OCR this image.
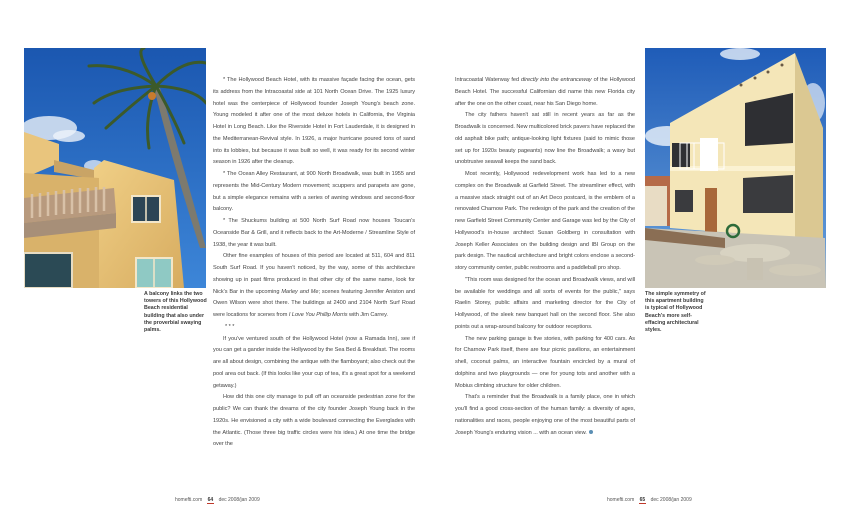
A balcony links the two towers of this Hollywood Beach residential building that also under the proverbial swaying palms.

* The Hollywood Beach Hotel, with its massive façade facing the ocean, gets its address from the Intracoastal side at 101 North Ocean Drive. The 1925 luxury hotel was the centerpiece of Hollywood founder Joseph Young's beach zone. Young modeled it after one of the most deluxe hotels in California, the Virginia Hotel in Long Beach. Like the Riverside Hotel in Fort Lauderdale, it is designed in the Mediterranean-Revival style. In 1926, a major hurricane poured tons of sand into its lobbies, but because it was built so well, it was ready for its second winter season in 1926 after the cleanup.

* The Ocean Alley Restaurant, at 900 North Broadwalk, was built in 1955 and represents the Mid-Century Modern movement; scuppers and parapets are gone, but a simple elegance remains with a series of awning windows and second-floor balcony.

* The Shuckums building at 500 North Surf Road now houses Toucan's Oceanside Bar & Grill, and it reflects back to the Art-Moderne / Streamline Style of 1938, the year it was built.

Other fine examples of houses of this period are located at 511, 604 and 811 South Surf Road. If you haven't noticed, by the way, some of this architecture showing up in past films produced in that other city of the same name, look for Nick's Bar in the upcoming Marley and Me; scenes featuring Jennifer Aniston and Owen Wilson were shot there. The buildings at 2400 and 2104 North Surf Road were locations for scenes from I Love You Phillip Morris with Jim Carrey.

* * *

If you've ventured south of the Hollywood Hotel (now a Ramada Inn), see if you can get a gander inside the Hollywood by the Sea Bed & Breakfast. The rooms are all about design, combining the antique with the flamboyant; also check out the pool area out back. (If this looks like your cup of tea, it's a great spot for a weekend getaway.)

How did this one city manage to pull off an oceanside pedestrian zone for the public? We can thank the dreams of the city founder Joseph Young back in the 1920s. He envisioned a city with a wide boulevard connecting the Everglades with the Atlantic. (Those three big traffic circles were his idea.) At one time the bridge over the

homefti.com 64 dec 2008/jan 2009

Intracoastal Waterway fed directly into the entranceway of the Hollywood Beach Hotel. The successful Californian did name this new Florida city after the one on the other coast, near his San Diego home.

The city fathers haven't sat still in recent years as far as the Broadwalk is concerned. New multicolored brick pavers have replaced the old asphalt bike path; antique-looking light fixtures (said to mimic those set up for 1920s beauty pageants) now line the Broadwalk; a wavy but unobtrusive seawall keeps the sand back.

Most recently, Hollywood redevelopment work has led to a new complex on the Broadwalk at Garfield Street. The streamliner effect, with a massive stack straight out of an Art Deco postcard, is the emblem of a renovated Charnow Park. The redesign of the park and the creation of the new Garfield Street Community Center and Garage was led by the City of Hollywood's in-house architect Susan Goldberg in consultation with Joseph Keller Associates on the building design and IBI Group on the park design. The nautical architecture and bright colors enclose a second-story community center, public restrooms and a paddleball pro shop.

"This room was designed for the ocean and Broadwalk views, and will be available for weddings and all sorts of events for the public," says Raelin Storey, public affairs and marketing director for the City of Hollywood, of the sleek new banquet hall on the second floor. She also points out a wrap-around balcony for outdoor receptions.

The new parking garage is five stories, with parking for 400 cars. As for Charnow Park itself, there are four picnic pavilions, an entertainment shell, coconut palms, an interactive fountain encircled by a mural of dolphins and two playgrounds — one for young tots and another with a Mobius climbing structure for older children.

That's a reminder that the Broadwalk is a family place, one in which you'll find a good cross-section of the human family: a diversity of ages, nationalities and races, people enjoying one of the most beautiful parts of Joseph Young's enduring vision ... with an ocean view.

The simple symmetry of this apartment building is typical of Hollywood Beach's more self-effacing architectural styles.
homefti.com 65 dec 2008/jan 2009
